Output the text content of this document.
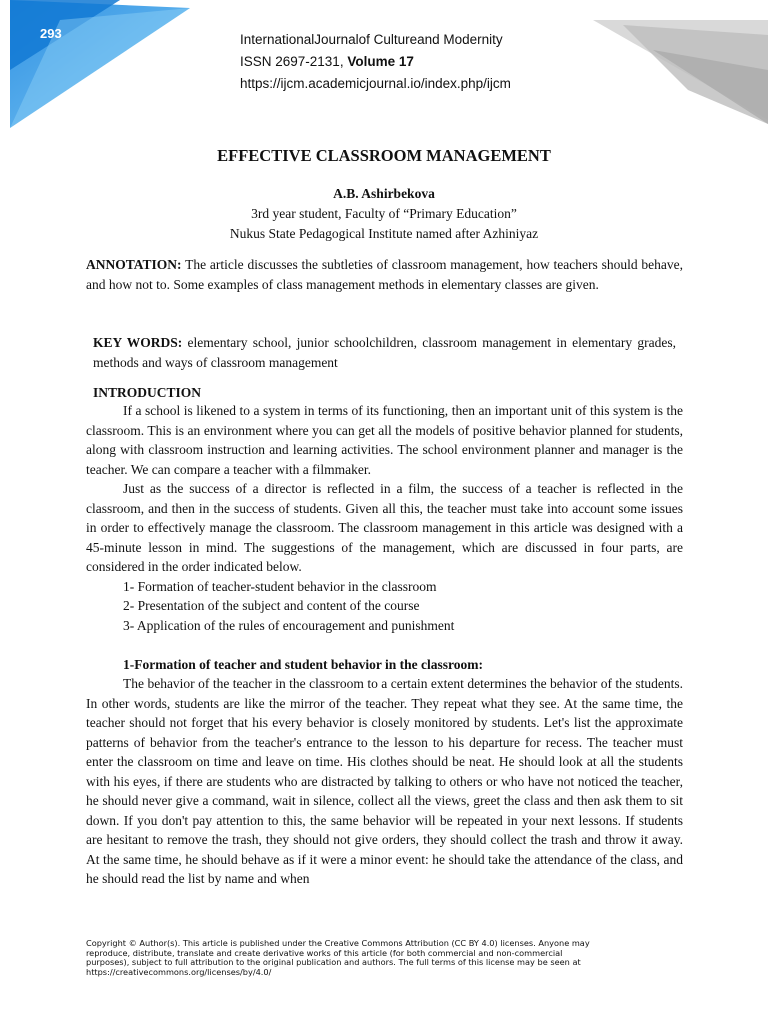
293	InternationalJournalof Cultureand Modernity
ISSN 2697-2131, Volume 17
https://ijcm.academicjournal.io/index.php/ijcm
EFFECTIVE CLASSROOM MANAGEMENT
A.B. Ashirbekova
3rd year student, Faculty of “Primary Education”
Nukus State Pedagogical Institute named after Azhiniyaz
ANNOTATION: The article discusses the subtleties of classroom management, how teachers should behave, and how not to. Some examples of class management methods in elementary classes are given.
KEY WORDS: elementary school, junior schoolchildren, classroom management in elementary grades, methods and ways of classroom management
INTRODUCTION

If a school is likened to a system in terms of its functioning, then an important unit of this system is the classroom. This is an environment where you can get all the models of positive behavior planned for students, along with classroom instruction and learning activities. The school environment planner and manager is the teacher. We can compare a teacher with a filmmaker.

Just as the success of a director is reflected in a film, the success of a teacher is reflected in the classroom, and then in the success of students. Given all this, the teacher must take into account some issues in order to effectively manage the classroom. The classroom management in this article was designed with a 45-minute lesson in mind. The suggestions of the management, which are discussed in four parts, are considered in the order indicated below.

1- Formation of teacher-student behavior in the classroom

2- Presentation of the subject and content of the course

3- Application of the rules of encouragement and punishment

1-Formation of teacher and student behavior in the classroom:

The behavior of the teacher in the classroom to a certain extent determines the behavior of the students. In other words, students are like the mirror of the teacher. They repeat what they see. At the same time, the teacher should not forget that his every behavior is closely monitored by students. Let's list the approximate patterns of behavior from the teacher's entrance to the lesson to his departure for recess. The teacher must enter the classroom on time and leave on time. His clothes should be neat. He should look at all the students with his eyes, if there are students who are distracted by talking to others or who have not noticed the teacher, he should never give a command, wait in silence, collect all the views, greet the class and then ask them to sit down. If you don't pay attention to this, the same behavior will be repeated in your next lessons. If students are hesitant to remove the trash, they should not give orders, they should collect the trash and throw it away. At the same time, he should behave as if it were a minor event: he should take the attendance of the class, and he should read the list by name and when

Copyright © Author(s). This article is published under the Creative Commons Attribution (CC BY 4.0) licenses. Anyone may reproduce, distribute, translate and create derivative works of this article (for both commercial and non-commercial purposes), subject to full attribution to the original publication and authors. The full terms of this license may be seen at https://creativecommons.org/licenses/by/4.0/
